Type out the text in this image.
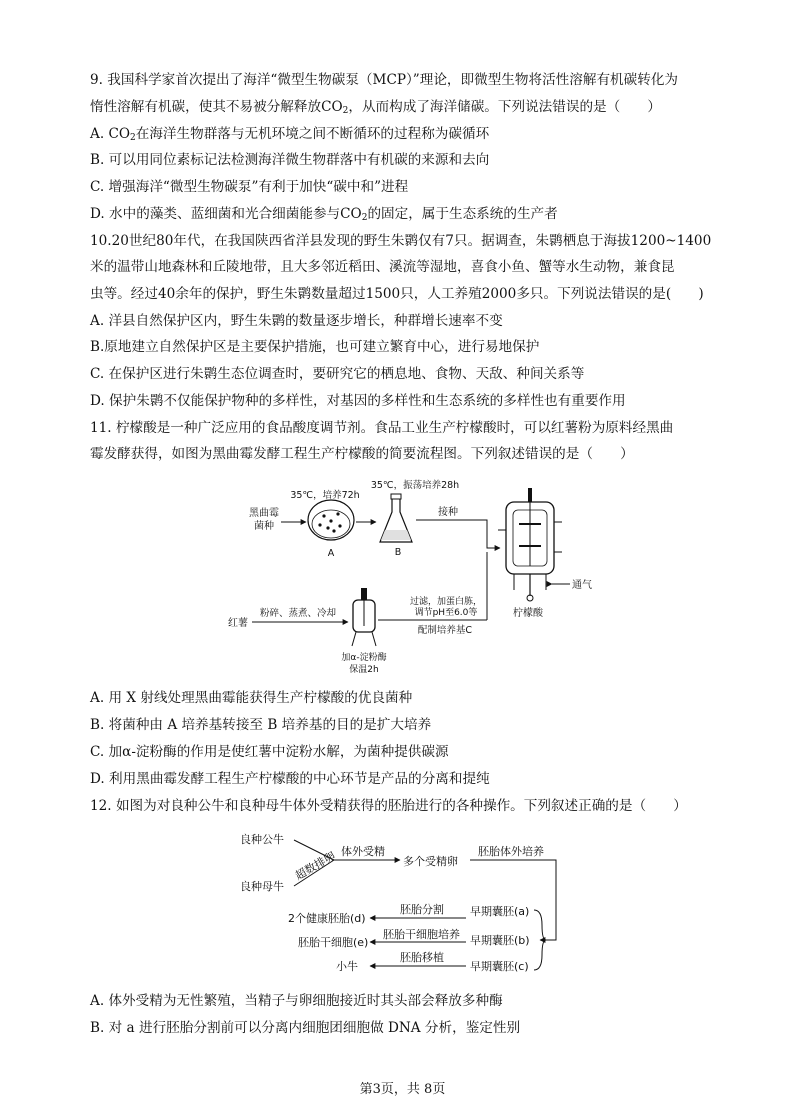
9. 我国科学家首次提出了海洋“微型生物碳泵（MCP）”理论，即微型生物将活性溶解有机碳转化为
惰性溶解有机碳，使其不易被分解释放$CO_2$，从而构成了海洋储碳。下列说法错误的是（　　）
A. $CO_2$在海洋生物群落与无机环境之间不断循环的过程称为碳循环
B. 可以用同位素标记法检测海洋微生物群落中有机碳的来源和去向
C. 增强海洋“微型生物碳泵”有利于加快“碳中和”进程
D. 水中的藻类、蓝细菌和光合细菌能参与$CO_2$的固定，属于生态系统的生产者
10.20世纪80年代，在我国陕西省洋县发现的野生朱鹮仅有7只。据调查，朱鹮栖息于海拔1200~1400
米的温带山地森林和丘陵地带，且大多邻近稻田、溪流等湿地，喜食小鱼、蟹等水生动物，兼食昆
虫等。经过40余年的保护，野生朱鹮数量超过1500只，人工养殖2000多只。下列说法错误的是(　　)
A. 洋县自然保护区内，野生朱鹮的数量逐步增长，种群增长速率不变
B.原地建立自然保护区是主要保护措施，也可建立繁育中心，进行易地保护
C. 在保护区进行朱鹮生态位调查时，要研究它的栖息地、食物、天敌、种间关系等
D. 保护朱鹮不仅能保护物种的多样性，对基因的多样性和生态系统的多样性也有重要作用
11. 柠檬酸是一种广泛应用的食品酸度调节剂。食品工业生产柠檬酸时，可以红薯粉为原料经黑曲
霉发酵获得，如图为黑曲霉发酵工程生产柠檬酸的简要流程图。下列叙述错误的是（　　）
黑曲霉
菌种
35℃，培养72h
A
35℃，振荡培养28h
B
接种
通气
柠檬酸
红薯
粉碎、蒸煮、冷却
加α-淀粉酶
保温2h
过滤，加蛋白胨，
调节pH至6.0等
配制培养基C
A. 用 X 射线处理黑曲霉能获得生产柠檬酸的优良菌种
B. 将菌种由 A 培养基转接至 B 培养基的目的是扩大培养
C. 加α-淀粉酶的作用是使红薯中淀粉水解，为菌种提供碳源
D. 利用黑曲霉发酵工程生产柠檬酸的中心环节是产品的分离和提纯
12. 如图为对良种公牛和良种母牛体外受精获得的胚胎进行的各种操作。下列叙述正确的是（　　）
良种公牛
良种母牛
超数排卵 体外受精
多个受精卵
胚胎体外培养
早期囊胚(a)
早期囊胚(b)
早期囊胚(c)
胚胎分割
胚胎干细胞培养
胚胎移植
2个健康胚胎(d)
胚胎干细胞(e)
小牛
A. 体外受精为无性繁殖，当精子与卵细胞接近时其头部会释放多种酶
B. 对 a 进行胚胎分割前可以分离内细胞团细胞做 DNA 分析，鉴定性别
第3页，共 8页
